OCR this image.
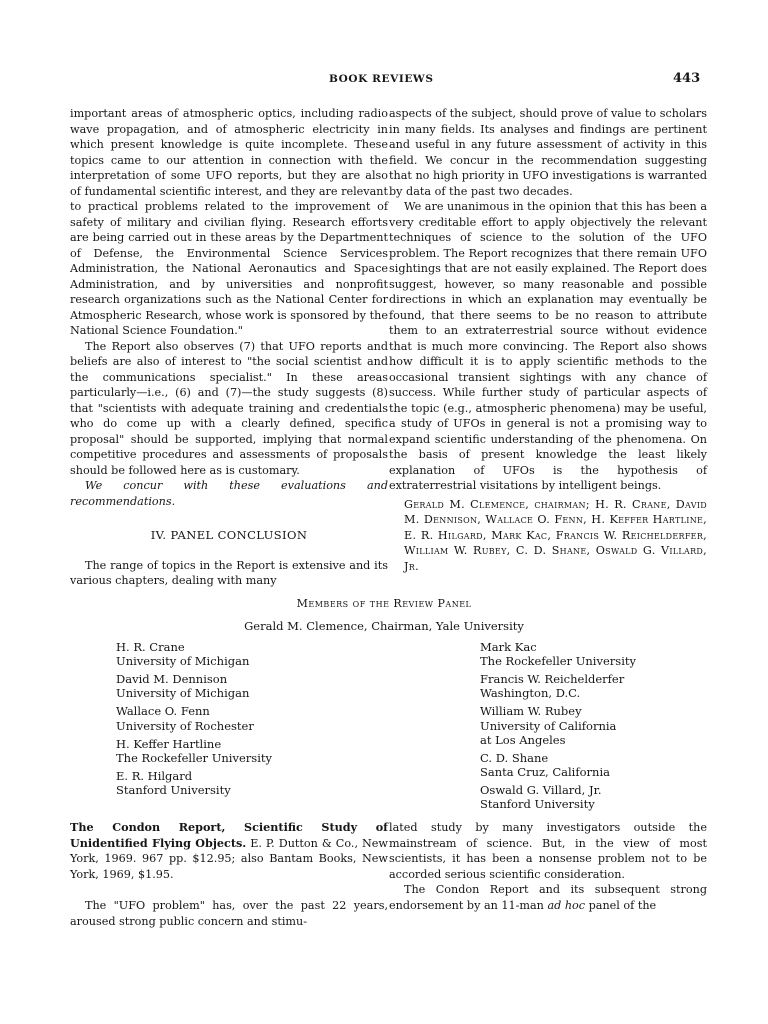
BOOK REVIEWS	443

important areas of atmospheric optics, including radio wave propagation, and of atmospheric electricity in which present knowledge is quite incomplete. These topics came to our attention in connection with the interpretation of some UFO reports, but they are also of fundamental scientific interest, and they are relevant to practical problems related to the improvement of safety of military and civilian flying. Research efforts are being carried out in these areas by the Department of Defense, the Environmental Science Services Administration, the National Aeronautics and Space Administration, and by universities and nonprofit research organizations such as the National Center for Atmospheric Research, whose work is sponsored by the National Science Foundation."

The Report also observes (7) that UFO reports and beliefs are also of interest to "the social scientist and the communications specialist." In these areas particularly—i.e., (6) and (7)—the study suggests (8) that "scientists with adequate training and credentials who do come up with a clearly defined, specific proposal" should be supported, implying that normal competitive procedures and assessments of proposals should be followed here as is customary.

We concur with these evaluations and recommendations.

IV. PANEL CONCLUSION

The range of topics in the Report is extensive and its various chapters, dealing with many

aspects of the subject, should prove of value to scholars in many fields. Its analyses and findings are pertinent and useful in any future assessment of activity in this field. We concur in the recommendation suggesting that no high priority in UFO investigations is warranted by data of the past two decades.

We are unanimous in the opinion that this has been a very creditable effort to apply objectively the relevant techniques of science to the solution of the UFO problem. The Report recognizes that there remain UFO sightings that are not easily explained. The Report does suggest, however, so many reasonable and possible directions in which an explanation may eventually be found, that there seems to be no reason to attribute them to an extraterrestrial source without evidence that is much more convincing. The Report also shows how difficult it is to apply scientific methods to the occasional transient sightings with any chance of success. While further study of particular aspects of the topic (e.g., atmospheric phenomena) may be useful, a study of UFOs in general is not a promising way to expand scientific understanding of the phenomena. On the basis of present knowledge the least likely explanation of UFOs is the hypothesis of extraterrestrial visitations by intelligent beings.

Gerald M. Clemence, chairman; H. R. Crane, David M. Dennison, Wallace O. Fenn, H. Keffer Hartline, E. R. Hilgard, Mark Kac, Francis W. Reichelderfer, William W. Rubey, C. D. Shane, Oswald G. Villard, Jr.

Members of the Review Panel
Gerald M. Clemence, Chairman, Yale University
H. R. Crane
University of Michigan
David M. Dennison
University of Michigan
Wallace O. Fenn
University of Rochester
H. Keffer Hartline
The Rockefeller University
E. R. Hilgard
Stanford University
Mark Kac
The Rockefeller University
Francis W. Reichelderfer
Washington, D.C.
William W. Rubey
University of California
at Los Angeles
C. D. Shane
Santa Cruz, California
Oswald G. Villard, Jr.
Stanford University

The Condon Report, Scientific Study of Unidentified Flying Objects. E. P. Dutton & Co., New York, 1969. 967 pp. $12.95; also Bantam Books, New York, 1969, $1.95.

The "UFO problem" has, over the past 22 years, aroused strong public concern and stimu-

lated study by many investigators outside the mainstream of science. But, in the view of most scientists, it has been a nonsense problem not to be accorded serious scientific consideration.

The Condon Report and its subsequent strong endorsement by an 11-man ad hoc panel of the
